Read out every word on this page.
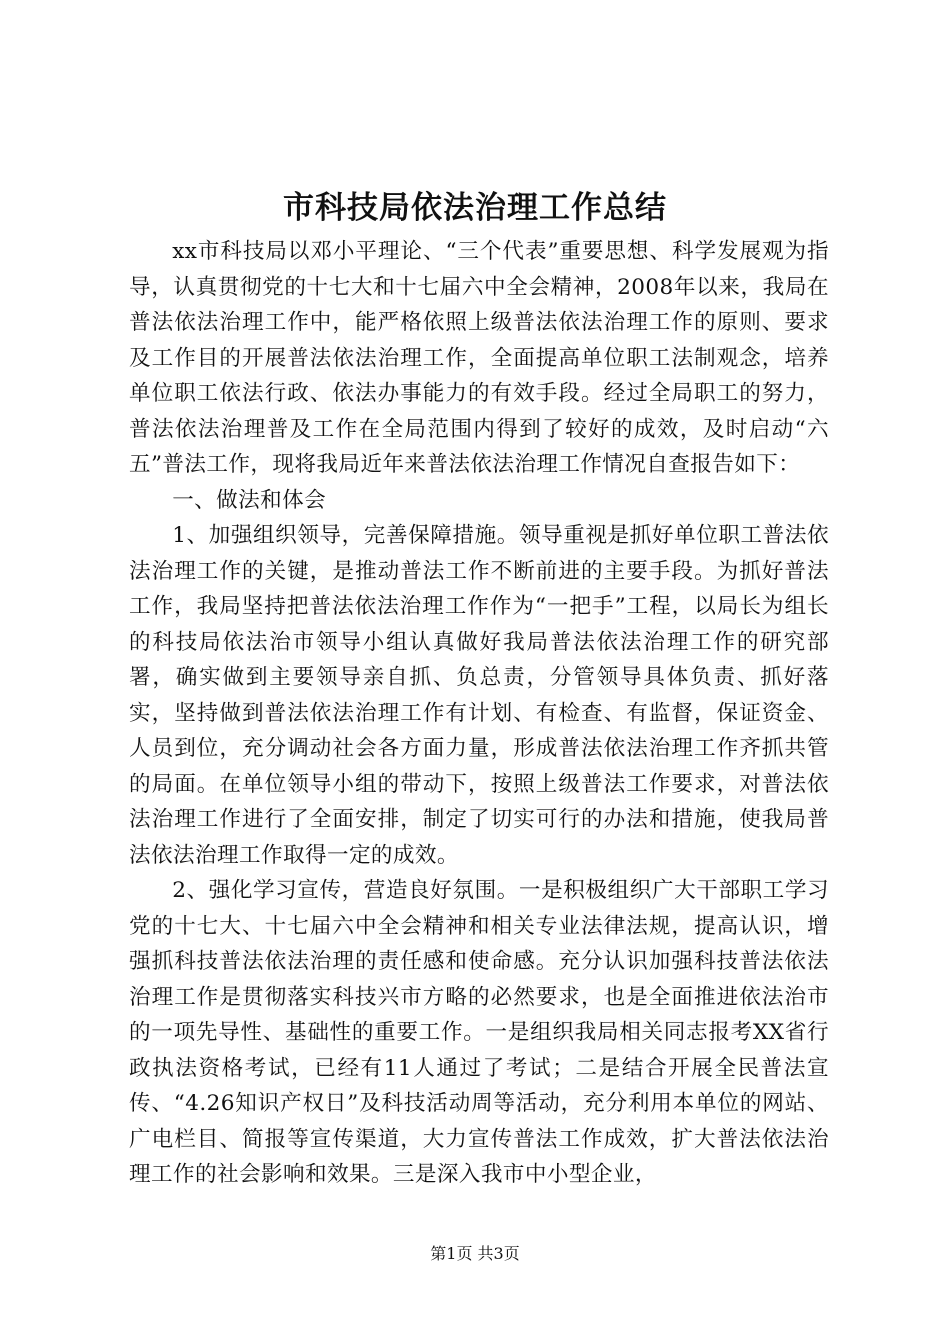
市科技局依法治理工作总结

xx市科技局以邓小平理论、“三个代表”重要思想、科学发展观为指导，认真贯彻党的十七大和十七届六中全会精神，2008年以来，我局在普法依法治理工作中，能严格依照上级普法依法治理工作的原则、要求及工作目的开展普法依法治理工作，全面提高单位职工法制观念，培养单位职工依法行政、依法办事能力的有效手段。经过全局职工的努力，普法依法治理普及工作在全局范围内得到了较好的成效，及时启动“六五”普法工作，现将我局近年来普法依法治理工作情况自查报告如下：

一、做法和体会

1、加强组织领导，完善保障措施。领导重视是抓好单位职工普法依法治理工作的关键，是推动普法工作不断前进的主要手段。为抓好普法工作，我局坚持把普法依法治理工作作为“一把手”工程，以局长为组长的科技局依法治市领导小组认真做好我局普法依法治理工作的研究部署，确实做到主要领导亲自抓、负总责，分管领导具体负责、抓好落实，坚持做到普法依法治理工作有计划、有检查、有监督，保证资金、人员到位，充分调动社会各方面力量，形成普法依法治理工作齐抓共管的局面。在单位领导小组的带动下，按照上级普法工作要求，对普法依法治理工作进行了全面安排，制定了切实可行的办法和措施，使我局普法依法治理工作取得一定的成效。

2、强化学习宣传，营造良好氛围。一是积极组织广大干部职工学习党的十七大、十七届六中全会精神和相关专业法律法规，提高认识，增强抓科技普法依法治理的责任感和使命感。充分认识加强科技普法依法治理工作是贯彻落实科技兴市方略的必然要求，也是全面推进依法治市的一项先导性、基础性的重要工作。一是组织我局相关同志报考XX省行政执法资格考试，已经有11人通过了考试；二是结合开展全民普法宣传、“4.26知识产权日”及科技活动周等活动，充分利用本单位的网站、广电栏目、简报等宣传渠道，大力宣传普法工作成效，扩大普法依法治理工作的社会影响和效果。三是深入我市中小型企业，

第1页 共3页
